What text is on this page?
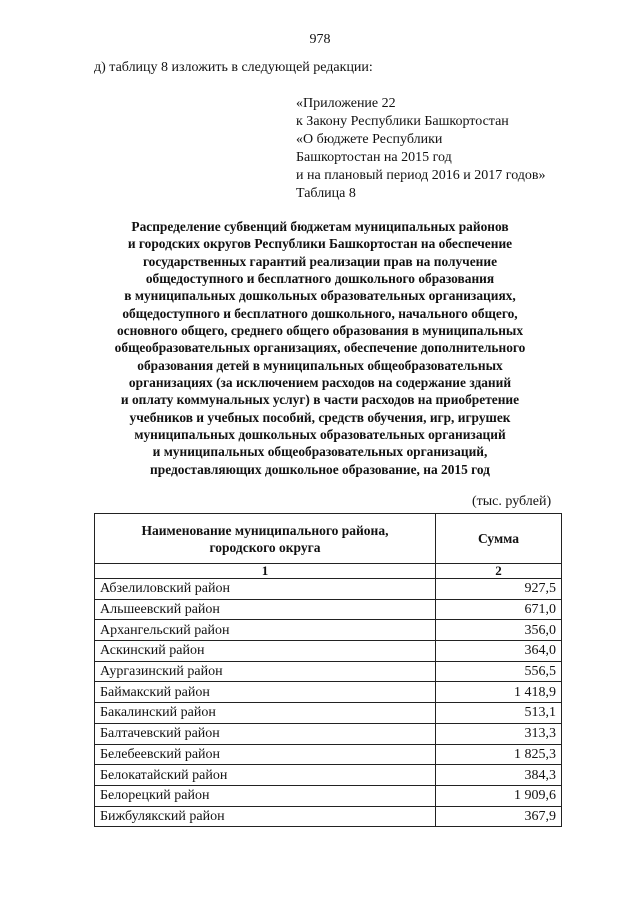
978
д) таблицу 8 изложить в следующей редакции:
«Приложение 22
к Закону Республики Башкортостан
«О бюджете Республики
Башкортостан на 2015 год
и на плановый период 2016 и 2017 годов»
Таблица 8
Распределение субвенций бюджетам муниципальных районов
и городских округов Республики Башкортостан на обеспечение
государственных гарантий реализации прав на получение
общедоступного и бесплатного дошкольного образования
в муниципальных дошкольных образовательных организациях,
общедоступного и бесплатного дошкольного, начального общего,
основного общего, среднего общего образования в муниципальных
общеобразовательных организациях, обеспечение дополнительного
образования детей в муниципальных общеобразовательных
организациях (за исключением расходов на содержание зданий
и оплату коммунальных услуг) в части расходов на приобретение
учебников и учебных пособий, средств обучения, игр, игрушек
муниципальных дошкольных образовательных организаций
и муниципальных общеобразовательных организаций,
предоставляющих дошкольное образование, на 2015 год
(тыс. рублей)
Наименование муниципального района,
городского округа	Сумма
1	2
Абзелиловский район	927,5
Альшеевский район	671,0
Архангельский район	356,0
Аскинский район	364,0
Аургазинский район	556,5
Баймакский район	1 418,9
Бакалинский район	513,1
Балтачевский район	313,3
Белебеевский район	1 825,3
Белокатайский район	384,3
Белорецкий район	1 909,6
Бижбулякский район	367,9
